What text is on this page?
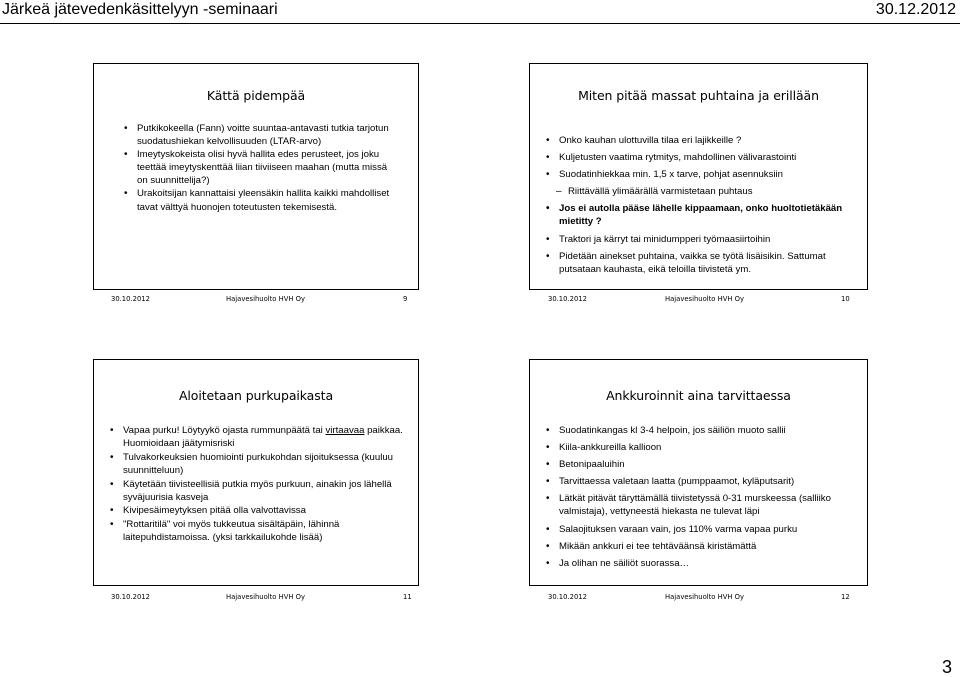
Järkeä jätevedenkäsittelyyn -seminaari	30.12.2012
Kättä pidempää
• Putkikokeella (Fann) voitte suuntaa-antavasti tutkia tarjotun suodatushiekan kelvollisuuden (LTAR-arvo)
• Imeytyskokeista olisi hyvä hallita edes perusteet, jos joku teettää imeytyskenttää liian tiiviiseen maahan (mutta missä on suunnittelija?)
• Urakoitsijan kannattaisi yleensäkin hallita kaikki mahdolliset tavat välttyä huonojen toteutusten tekemisestä.
30.10.2012	Hajavesihuolto HVH Oy	9
Miten pitää massat puhtaina ja erillään
• Onko kauhan ulottuvilla tilaa eri lajikkeille ?
• Kuljetusten vaatima rytmitys, mahdollinen välivarastointi
• Suodatinhiekkaa min. 1,5 x tarve, pohjat asennuksiin
– Riittävällä ylimäärällä varmistetaan puhtaus
• Jos ei autolla pääse lähelle kippaamaan, onko huoltotietäkään mietitty ?
• Traktori ja kärryt tai minidumpperi työmaasiirtoihin
• Pidetään ainekset puhtaina, vaikka se työtä lisäisikin. Sattumat putsataan kauhasta, eikä teloilla tiivistetä ym.
30.10.2012	Hajavesihuolto HVH Oy	10
Aloitetaan purkupaikasta
• Vapaa purku! Löytyykö ojasta rummunpäätä tai virtaavaa paikkaa. Huomioidaan jäätymisriski
• Tulvakorkeuksien huomiointi purkukohdan sijoituksessa (kuuluu suunnitteluun)
• Käytetään tiivisteellisiä putkia myös purkuun, ainakin jos lähellä syväjuurisia kasveja
• Kivipesäimeytyksen pitää olla valvottavissa
• "Rottaritilä" voi myös tukkeutua sisältäpäin, lähinnä laitepuhdistamoissa. (yksi tarkkailukohde lisää)
30.10.2012	Hajavesihuolto HVH Oy	11
Ankkuroinnit aina tarvittaessa
• Suodatinkangas kl 3-4 helpoin, jos säiliön muoto sallii
• Kiila-ankkureilla kallioon
• Betonipaaluihin
• Tarvittaessa valetaan laatta (pumppaamot, kyläputsarit)
• Lätkät pitävät täryttämällä tiivistetyssä 0-31 murskeessa (salliiko valmistaja), vettyneestä hiekasta ne tulevat läpi
• Salaojituksen varaan vain, jos 110% varma vapaa purku
• Mikään ankkuri ei tee tehtäväänsä kiristämättä
• Ja olihan ne säiliöt suorassa…
30.10.2012	Hajavesihuolto HVH Oy	12
3
